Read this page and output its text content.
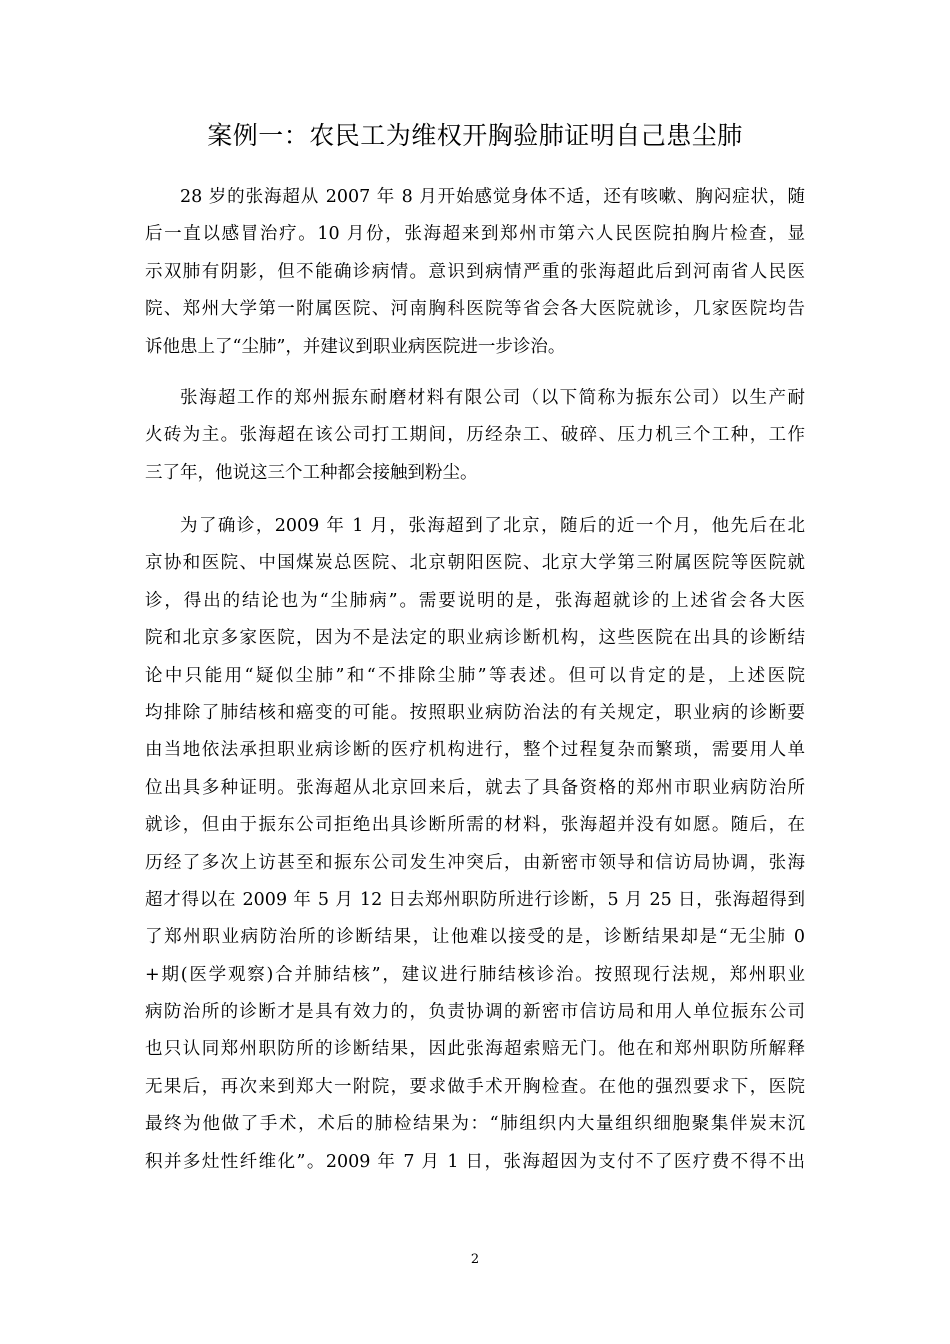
案例一：农民工为维权开胸验肺证明自己患尘肺
28 岁的张海超从 2007 年 8 月开始感觉身体不适，还有咳嗽、胸闷症状，随
后一直以感冒治疗。10 月份，张海超来到郑州市第六人民医院拍胸片检查，显
示双肺有阴影，但不能确诊病情。意识到病情严重的张海超此后到河南省人民医
院、郑州大学第一附属医院、河南胸科医院等省会各大医院就诊，几家医院均告
诉他患上了“尘肺”，并建议到职业病医院进一步诊治。
张海超工作的郑州振东耐磨材料有限公司（以下简称为振东公司）以生产耐
火砖为主。张海超在该公司打工期间，历经杂工、破碎、压力机三个工种，工作
三了年，他说这三个工种都会接触到粉尘。
为了确诊，2009 年 1 月，张海超到了北京，随后的近一个月，他先后在北
京协和医院、中国煤炭总医院、北京朝阳医院、北京大学第三附属医院等医院就
诊，得出的结论也为“尘肺病”。需要说明的是，张海超就诊的上述省会各大医
院和北京多家医院，因为不是法定的职业病诊断机构，这些医院在出具的诊断结
论中只能用“疑似尘肺”和“不排除尘肺”等表述。但可以肯定的是，上述医院
均排除了肺结核和癌变的可能。按照职业病防治法的有关规定，职业病的诊断要
由当地依法承担职业病诊断的医疗机构进行，整个过程复杂而繁琐，需要用人单
位出具多种证明。张海超从北京回来后，就去了具备资格的郑州市职业病防治所
就诊，但由于振东公司拒绝出具诊断所需的材料，张海超并没有如愿。随后，在
历经了多次上访甚至和振东公司发生冲突后，由新密市领导和信访局协调，张海
超才得以在 2009 年 5 月 12 日去郑州职防所进行诊断，5 月 25 日，张海超得到
了郑州职业病防治所的诊断结果，让他难以接受的是，诊断结果却是“无尘肺 0
+期(医学观察)合并肺结核”，建议进行肺结核诊治。按照现行法规，郑州职业
病防治所的诊断才是具有效力的，负责协调的新密市信访局和用人单位振东公司
也只认同郑州职防所的诊断结果，因此张海超索赔无门。他在和郑州职防所解释
无果后，再次来到郑大一附院，要求做手术开胸检查。在他的强烈要求下，医院
最终为他做了手术，术后的肺检结果为：“肺组织内大量组织细胞聚集伴炭末沉
积并多灶性纤维化”。2009 年 7 月 1 日，张海超因为支付不了医疗费不得不出
2
